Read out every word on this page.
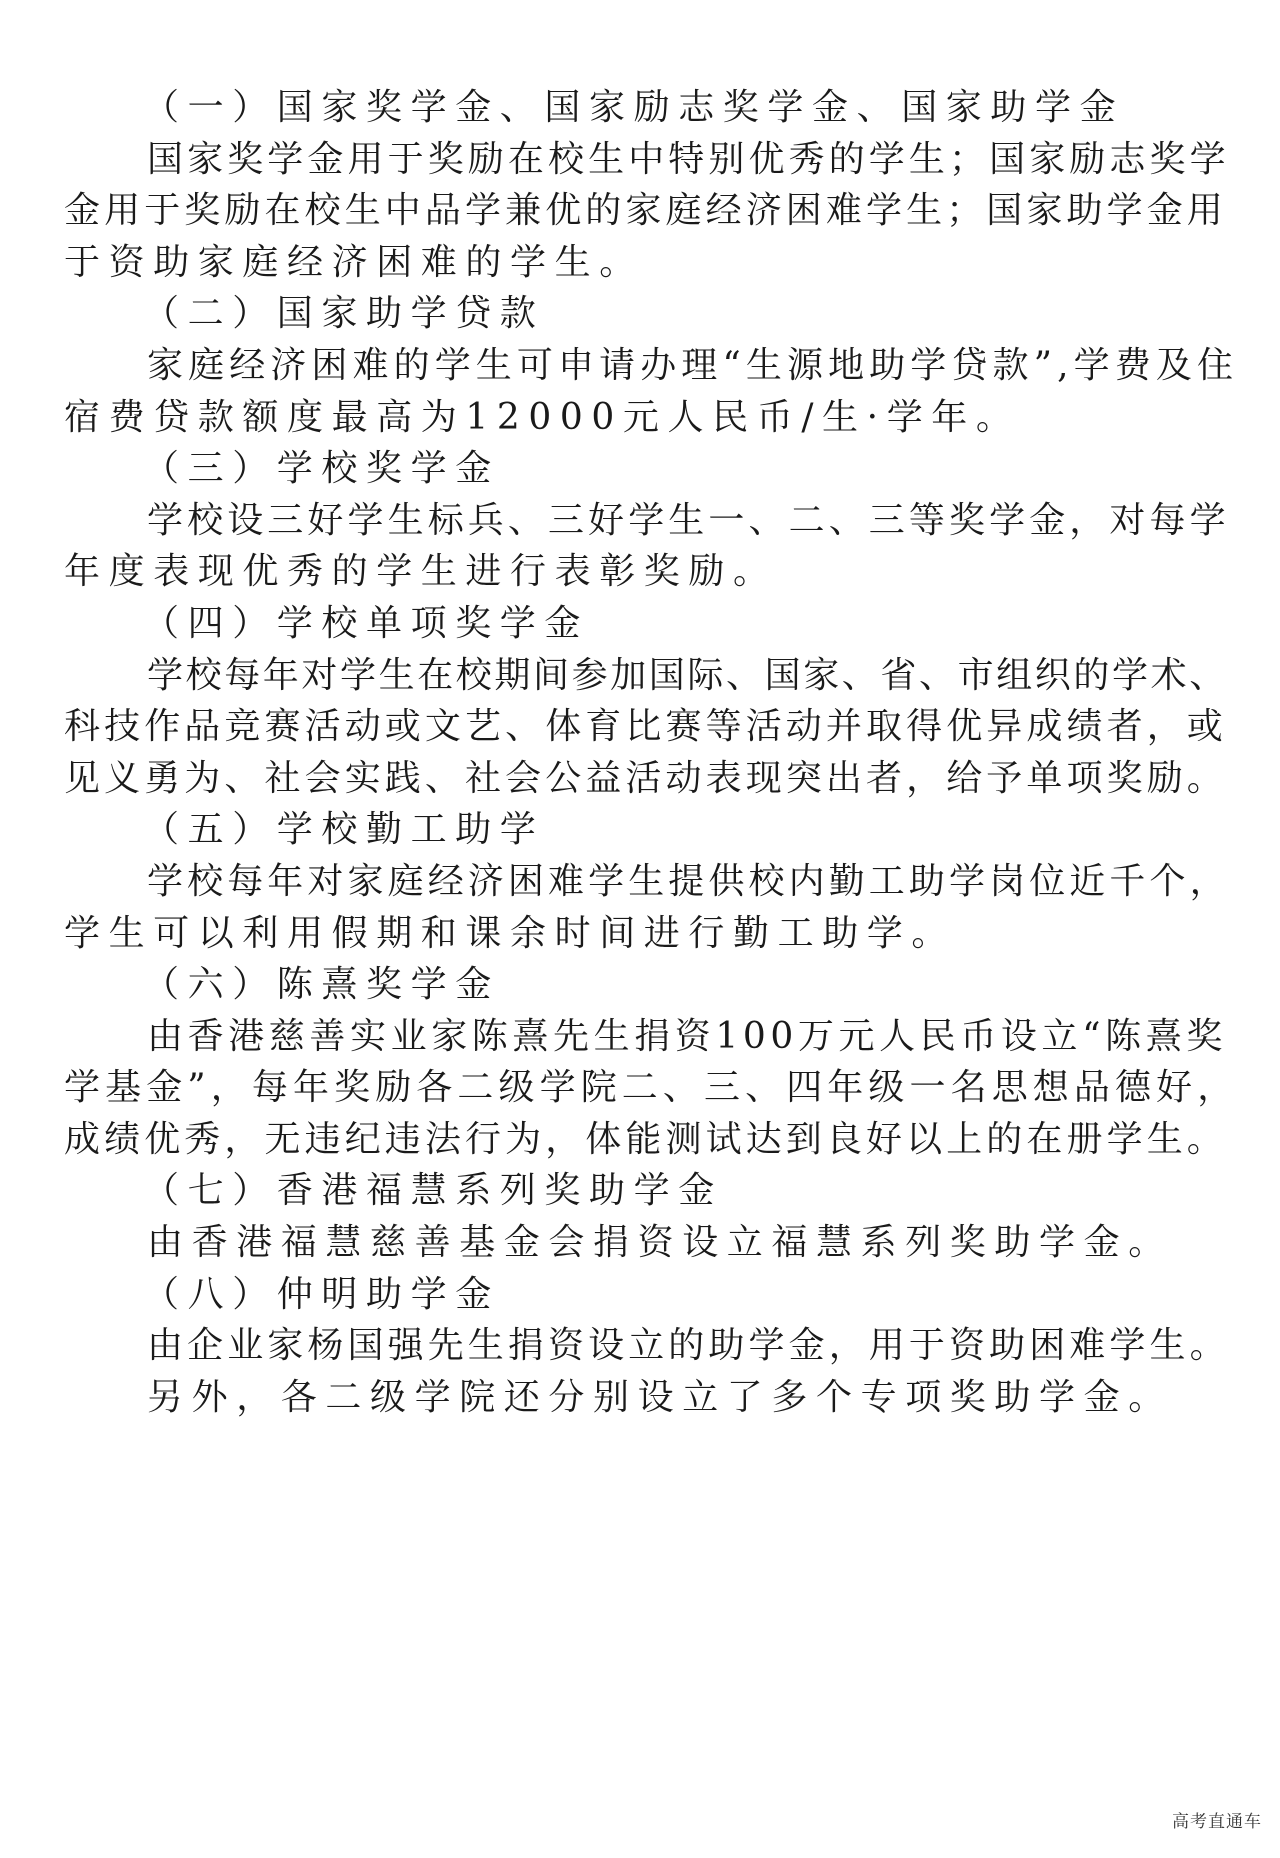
（一）国家奖学金、国家励志奖学金、国家助学金

国家奖学金用于奖励在校生中特别优秀的学生；国家励志奖学

金用于奖励在校生中品学兼优的家庭经济困难学生；国家助学金用

于资助家庭经济困难的学生。

（二）国家助学贷款

家庭经济困难的学生可申请办理“生源地助学贷款”,学费及住

宿费贷款额度最高为12000元人民币/生·学年。

（三）学校奖学金

学校设三好学生标兵、三好学生一、二、三等奖学金，对每学

年度表现优秀的学生进行表彰奖励。

（四）学校单项奖学金

学校每年对学生在校期间参加国际、国家、省、市组织的学术、

科技作品竞赛活动或文艺、体育比赛等活动并取得优异成绩者，或

见义勇为、社会实践、社会公益活动表现突出者，给予单项奖励。

（五）学校勤工助学

学校每年对家庭经济困难学生提供校内勤工助学岗位近千个，

学生可以利用假期和课余时间进行勤工助学。

（六）陈熹奖学金

由香港慈善实业家陈熹先生捐资100万元人民币设立“陈熹奖

学基金”，每年奖励各二级学院二、三、四年级一名思想品德好，

成绩优秀，无违纪违法行为，体能测试达到良好以上的在册学生。

（七）香港福慧系列奖助学金

由香港福慧慈善基金会捐资设立福慧系列奖助学金。

（八）仲明助学金

由企业家杨国强先生捐资设立的助学金，用于资助困难学生。

另外，各二级学院还分别设立了多个专项奖助学金。

高考直通车
